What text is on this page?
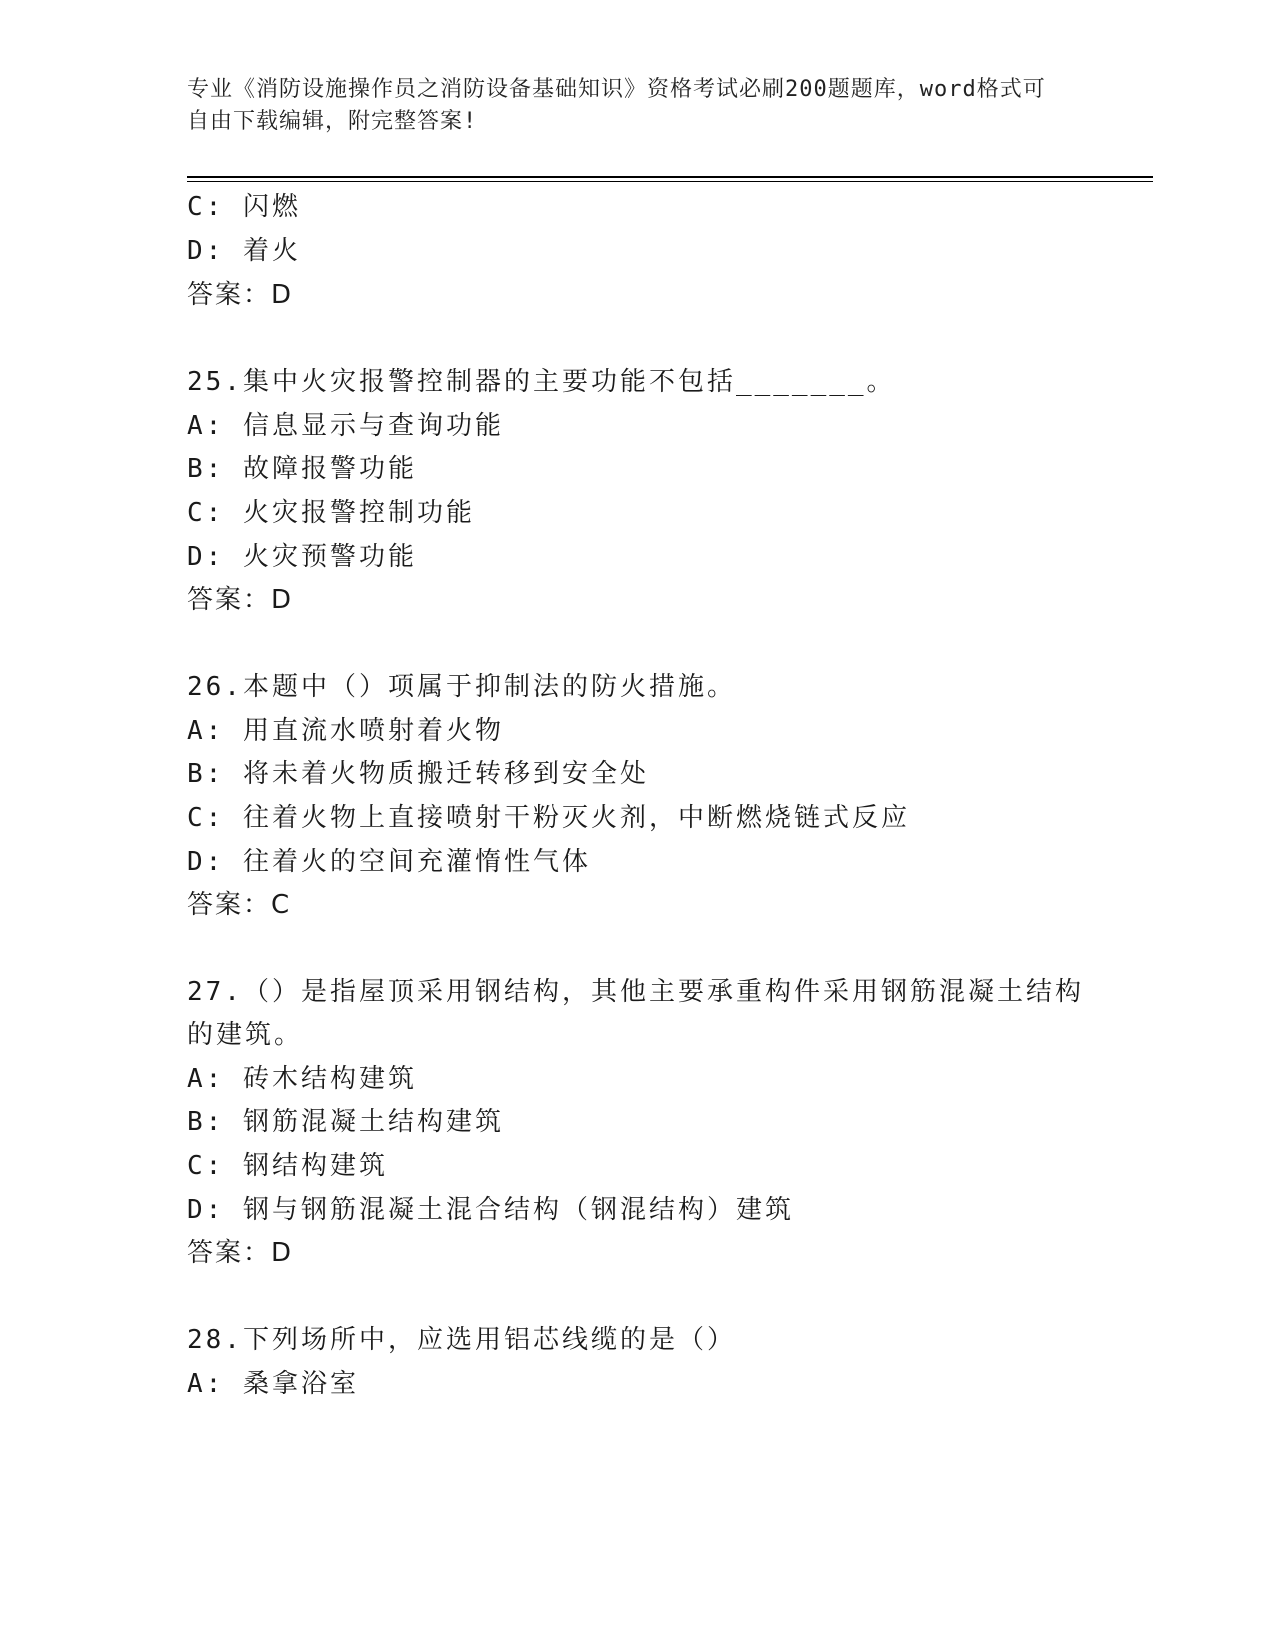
专业《消防设施操作员之消防设备基础知识》资格考试必刷200题题库，word格式可自由下载编辑，附完整答案!
C: 闪燃
D: 着火
答案：D
25.集中火灾报警控制器的主要功能不包括_______。
A: 信息显示与查询功能
B: 故障报警功能
C: 火灾报警控制功能
D: 火灾预警功能
答案：D
26.本题中（）项属于抑制法的防火措施。
A: 用直流水喷射着火物
B: 将未着火物质搬迁转移到安全处
C: 往着火物上直接喷射干粉灭火剂，中断燃烧链式反应
D: 往着火的空间充灌惰性气体
答案：C
27.（）是指屋顶采用钢结构，其他主要承重构件采用钢筋混凝土结构
的建筑。
A: 砖木结构建筑
B: 钢筋混凝土结构建筑
C: 钢结构建筑
D: 钢与钢筋混凝土混合结构（钢混结构）建筑
答案：D
28.下列场所中，应选用铝芯线缆的是（）
A: 桑拿浴室
